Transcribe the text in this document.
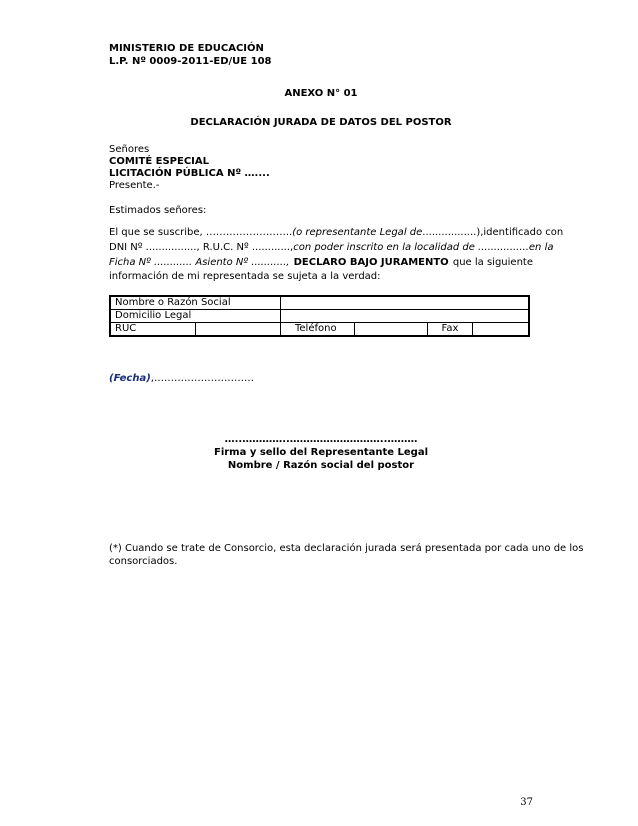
MINISTERIO DE EDUCACIÓN
L.P. Nº 0009-2011-ED/UE 108
ANEXO N° 01
DECLARACIÓN JURADA DE DATOS DEL POSTOR
Señores
COMITÉ ESPECIAL
LICITACIÓN PÚBLICA Nº …....
Presente.-
Estimados señores:
El que se suscribe, …………………….. (o representante Legal de .................), identificado con
DNI Nº ................, R.U.C. Nº ............, con poder inscrito en la localidad de ................ en la
Ficha Nº ............ Asiento Nº ..........., DECLARO BAJO JURAMENTO que la siguiente
información de mi representada se sujeta a la verdad:
Nombre o Razón Social					
Domicilio Legal					
RUC		Teléfono		Fax	
(Fecha),…………………………
…..…………..………………………..………
Firma y sello del Representante Legal
Nombre / Razón social del postor
(*) Cuando se trate de Consorcio, esta declaración jurada será presentada por cada uno de los
consorciados.
37
